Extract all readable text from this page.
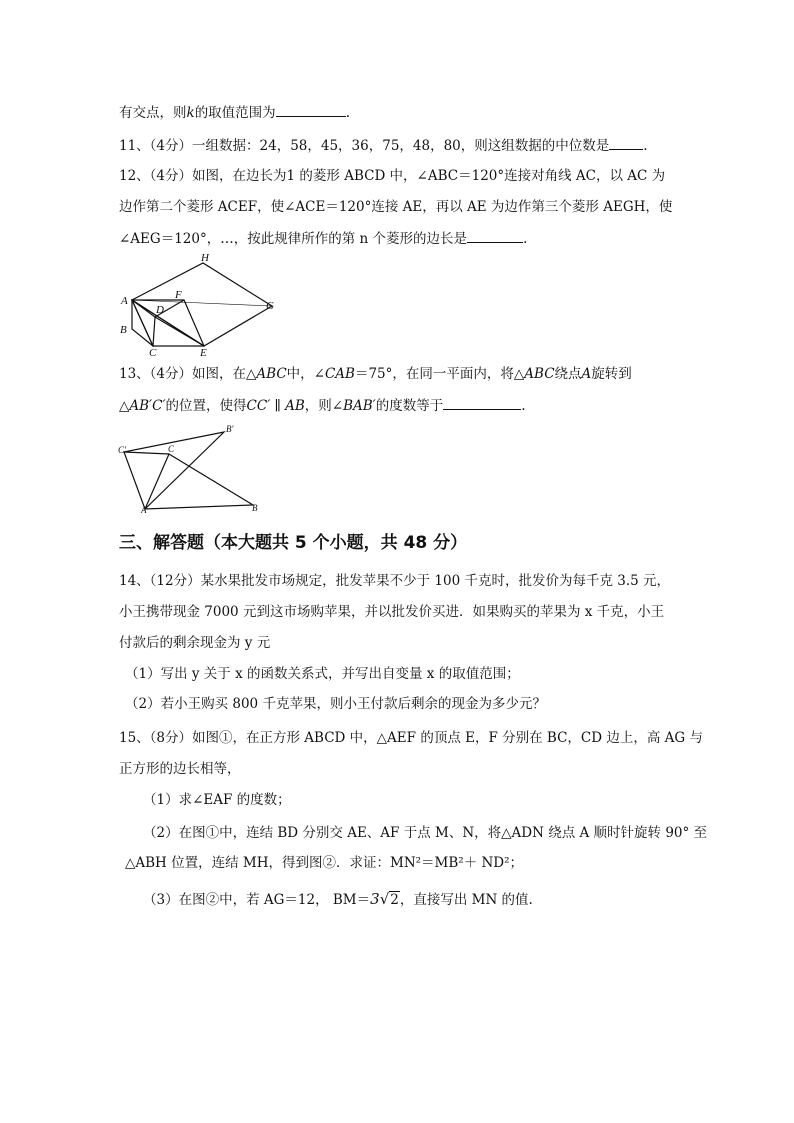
有交点，则k的取值范围为	.
11、（4分）一组数据：24，58，45，36，75，48，80，则这组数据的中位数是	.
12、（4分）如图，在边长为1 的菱形 ABCD 中，∠ABC＝120°连接对角线 AC，以 AC 为
边作第二个菱形 ACEF，使∠ACE＝120°连接 AE，再以 AE 为边作第三个菱形 AEGH，使
∠AEG＝120°，…，按此规律所作的第 n 个菱形的边长是	.
H
A	F
D	G
B
C	E
13、（4分）如图，在△ABC中，∠CAB＝75°，在同一平面内，将△ABC绕点A旋转到
△AB′C′的位置，使得CC′ ∥ AB，则∠BAB′的度数等于	.
C′
B′
C
A	B
三、解答题（本大题共 5 个小题，共 48 分）
14、（12分）某水果批发市场规定，批发苹果不少于 100 千克时，批发价为每千克 3.5 元，
小王携带现金 7000 元到这市场购苹果，并以批发价买进．如果购买的苹果为 x 千克，小王
付款后的剩余现金为 y 元
（1）写出 y 关于 x 的函数关系式，并写出自变量 x 的取值范围；
（2）若小王购买 800 千克苹果，则小王付款后剩余的现金为多少元？
15、（8分）如图①，在正方形 ABCD 中，△AEF 的顶点 E，F 分别在 BC，CD 边上，高 AG 与
正方形的边长相等，
（1）求∠EAF 的度数；
（2）在图①中，连结 BD 分别交 AE、AF 于点 M、N，将△ADN 绕点 A 顺时针旋转 90° 至
△ABH 位置，连结 MH，得到图②．求证：MN²＝MB²＋ ND²；
（3）在图②中，若 AG＝12， BM＝3√2，直接写出 MN 的值.
